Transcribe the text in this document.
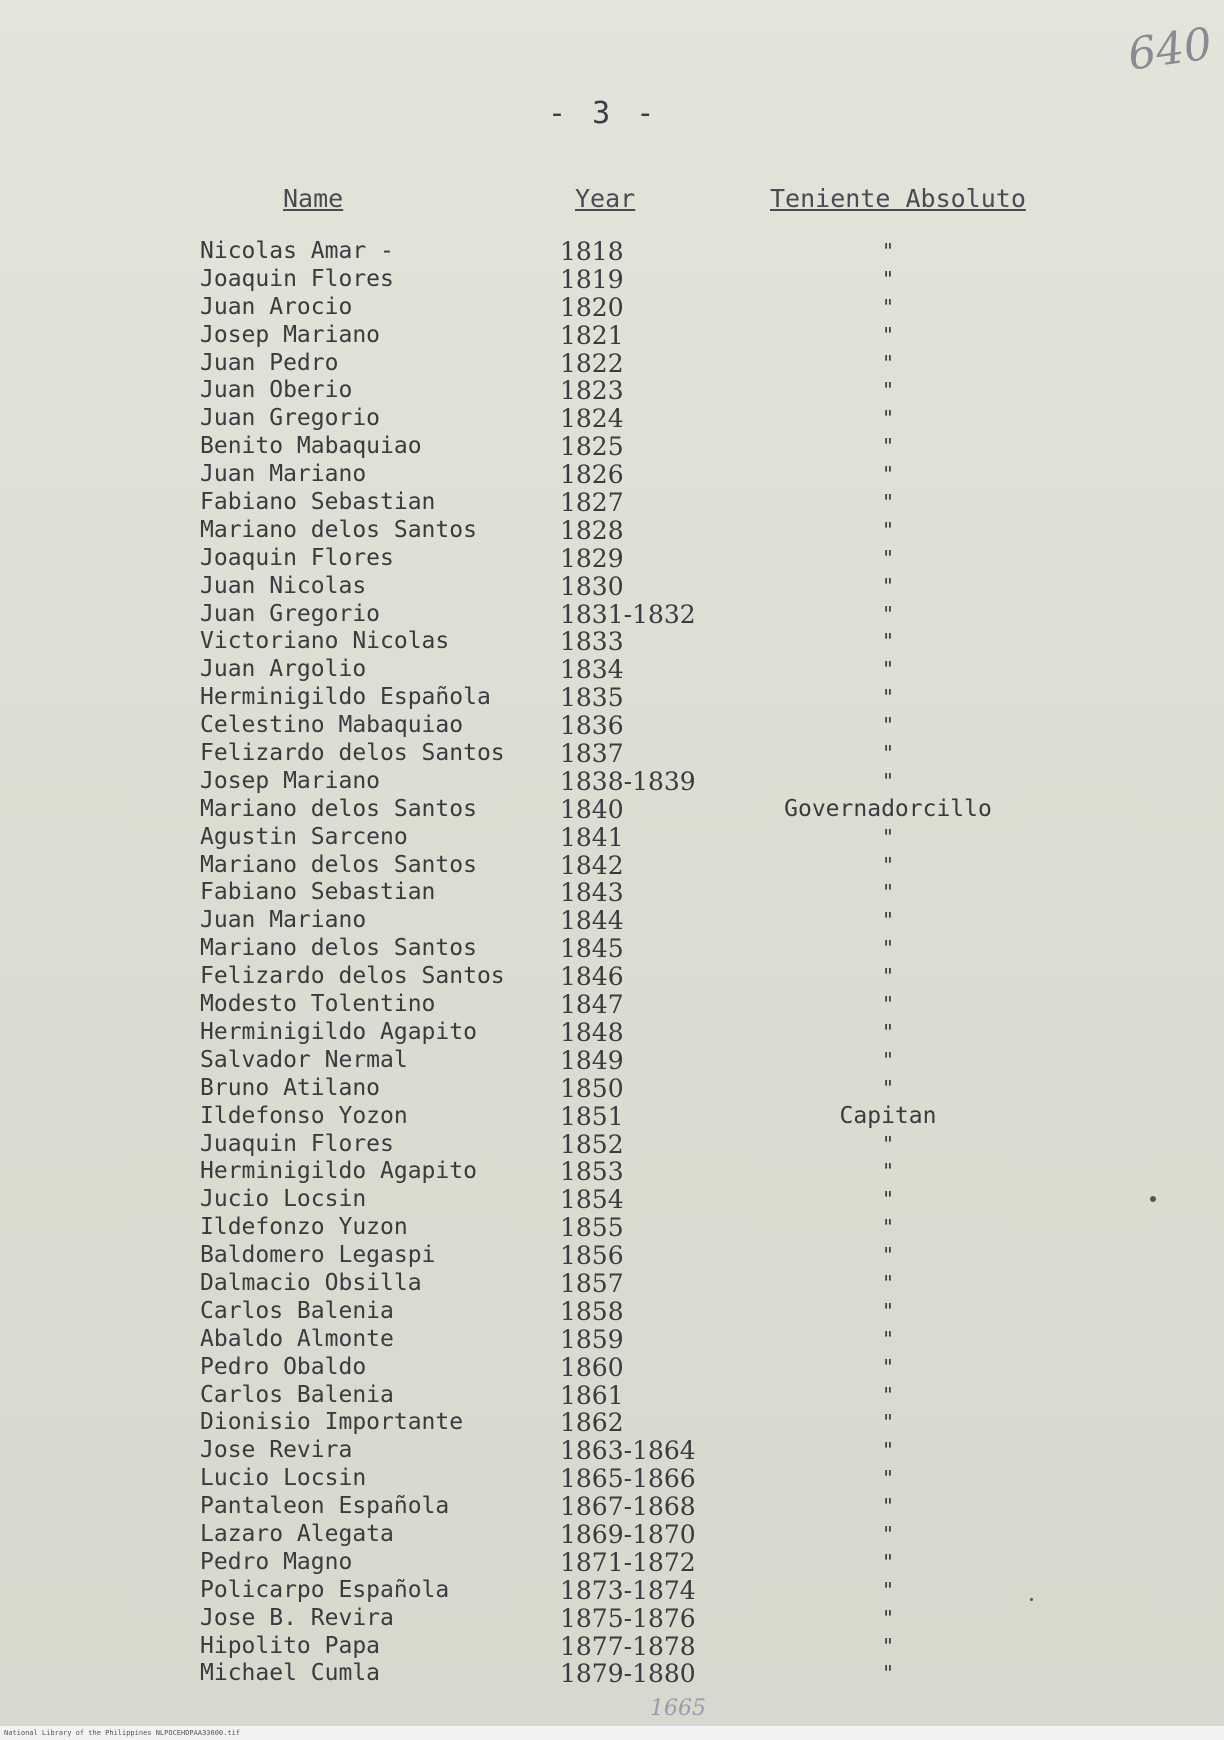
640
- 3 -
Name	Year	Teniente Absoluto
Nicolas Amar -	1818	"
Joaquin Flores	1819	"
Juan Arocio	1820	"
Josep Mariano	1821	"
Juan Pedro	1822	"
Juan Oberio	1823	"
Juan Gregorio	1824	"
Benito Mabaquiao	1825	"
Juan Mariano	1826	"
Fabiano Sebastian	1827	"
Mariano delos Santos	1828	"
Joaquin Flores	1829	"
Juan Nicolas	1830	"
Juan Gregorio	1831-1832	"
Victoriano Nicolas	1833	"
Juan Argolio	1834	"
Herminigildo Española	1835	"
Celestino Mabaquiao	1836	"
Felizardo delos Santos 1837	"
Josep Mariano	1838-1839	"
Mariano delos Santos	1840	Governadorcillo
Agustin Sarceno	1841	"
Mariano delos Santos	1842	"
Fabiano Sebastian	1843	"
Juan Mariano	1844	"
Mariano delos Santos	1845	"
Felizardo delos Santos 1846	"
Modesto Tolentino	1847	"
Herminigildo Agapito	1848	"
Salvador Nermal	1849	"
Bruno Atilano	1850	"
Ildefonso Yozon	1851	Capitan
Juaquin Flores	1852	"
Herminigildo Agapito	1853	"
Jucio Locsin	1854	"
Ildefonzo Yuzon	1855	"
Baldomero Legaspi	1856	"
Dalmacio Obsilla	1857	"
Carlos Balenia	1858	"
Abaldo Almonte	1859	"
Pedro Obaldo	1860	"
Carlos Balenia	1861	"
Dionisio Importante	1862	"
Jose Revira	1863-1864	"
Lucio Locsin	1865-1866	"
Pantaleon Española	1867-1868	"
Lazaro Alegata	1869-1870	"
Pedro Magno	1871-1872	"
Policarpo Española	1873-1874	"
Jose B. Revira	1875-1876	"
Hipolito Papa	1877-1878	"
Michael Cumla	1879-1880	"
1665
National Library of the Philippines NLPOCEHDPAA33600.tif
